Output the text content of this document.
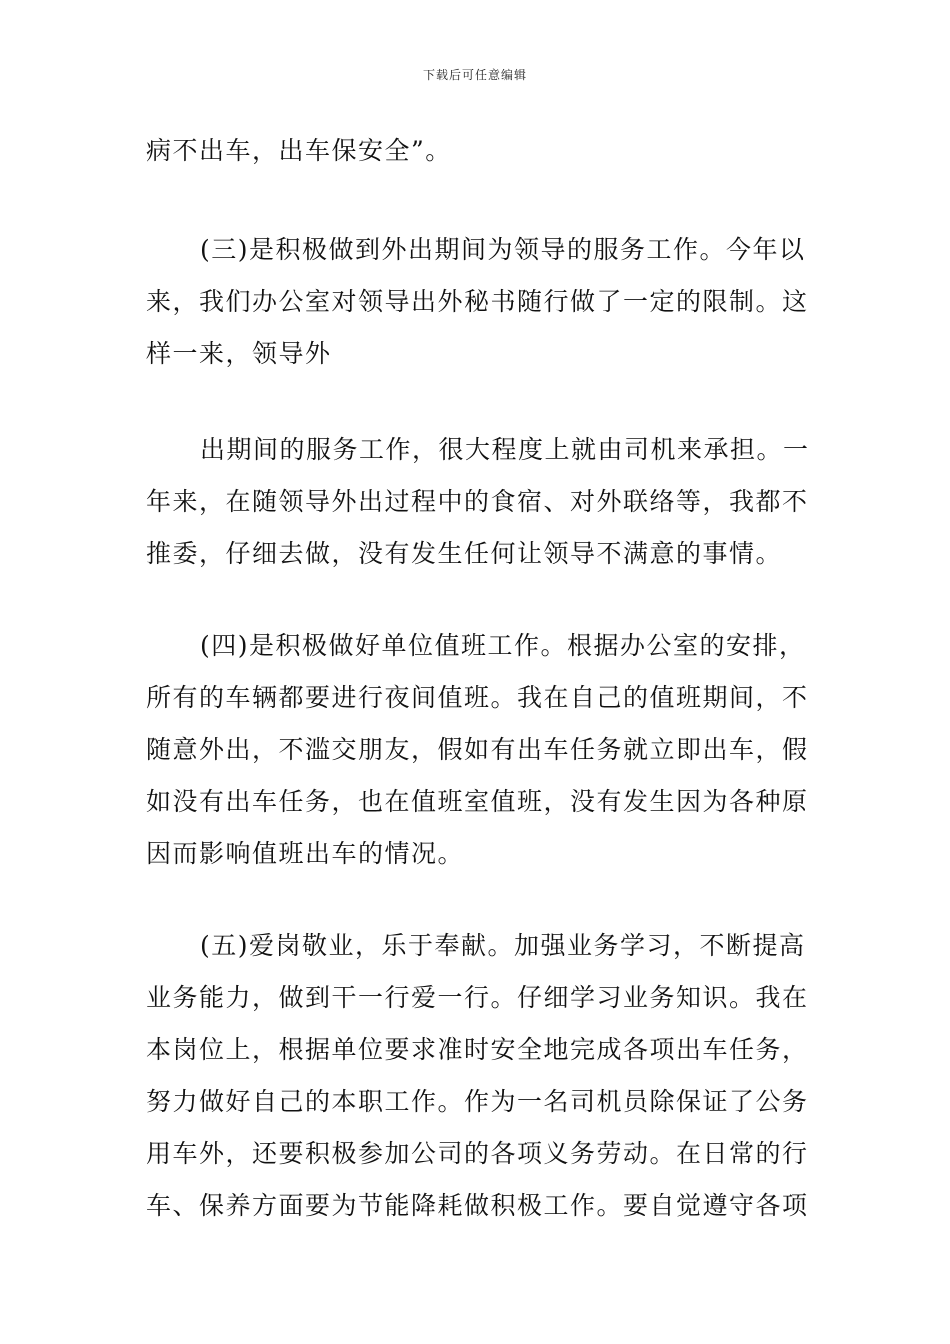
下载后可任意编辑
病不出车，出车保安全”。
(三)是积极做到外出期间为领导的服务工作。今年以
来，我们办公室对领导出外秘书随行做了一定的限制。这
样一来，领导外
出期间的服务工作，很大程度上就由司机来承担。一
年来，在随领导外出过程中的食宿、对外联络等，我都不
推委，仔细去做，没有发生任何让领导不满意的事情。
(四)是积极做好单位值班工作。根据办公室的安排，
所有的车辆都要进行夜间值班。我在自己的值班期间，不
随意外出，不滥交朋友，假如有出车任务就立即出车，假
如没有出车任务，也在值班室值班，没有发生因为各种原
因而影响值班出车的情况。
(五)爱岗敬业，乐于奉献。加强业务学习，不断提高
业务能力，做到干一行爱一行。仔细学习业务知识。我在
本岗位上，根据单位要求准时安全地完成各项出车任务，
努力做好自己的本职工作。作为一名司机员除保证了公务
用车外，还要积极参加公司的各项义务劳动。在日常的行
车、保养方面要为节能降耗做积极工作。要自觉遵守各项
